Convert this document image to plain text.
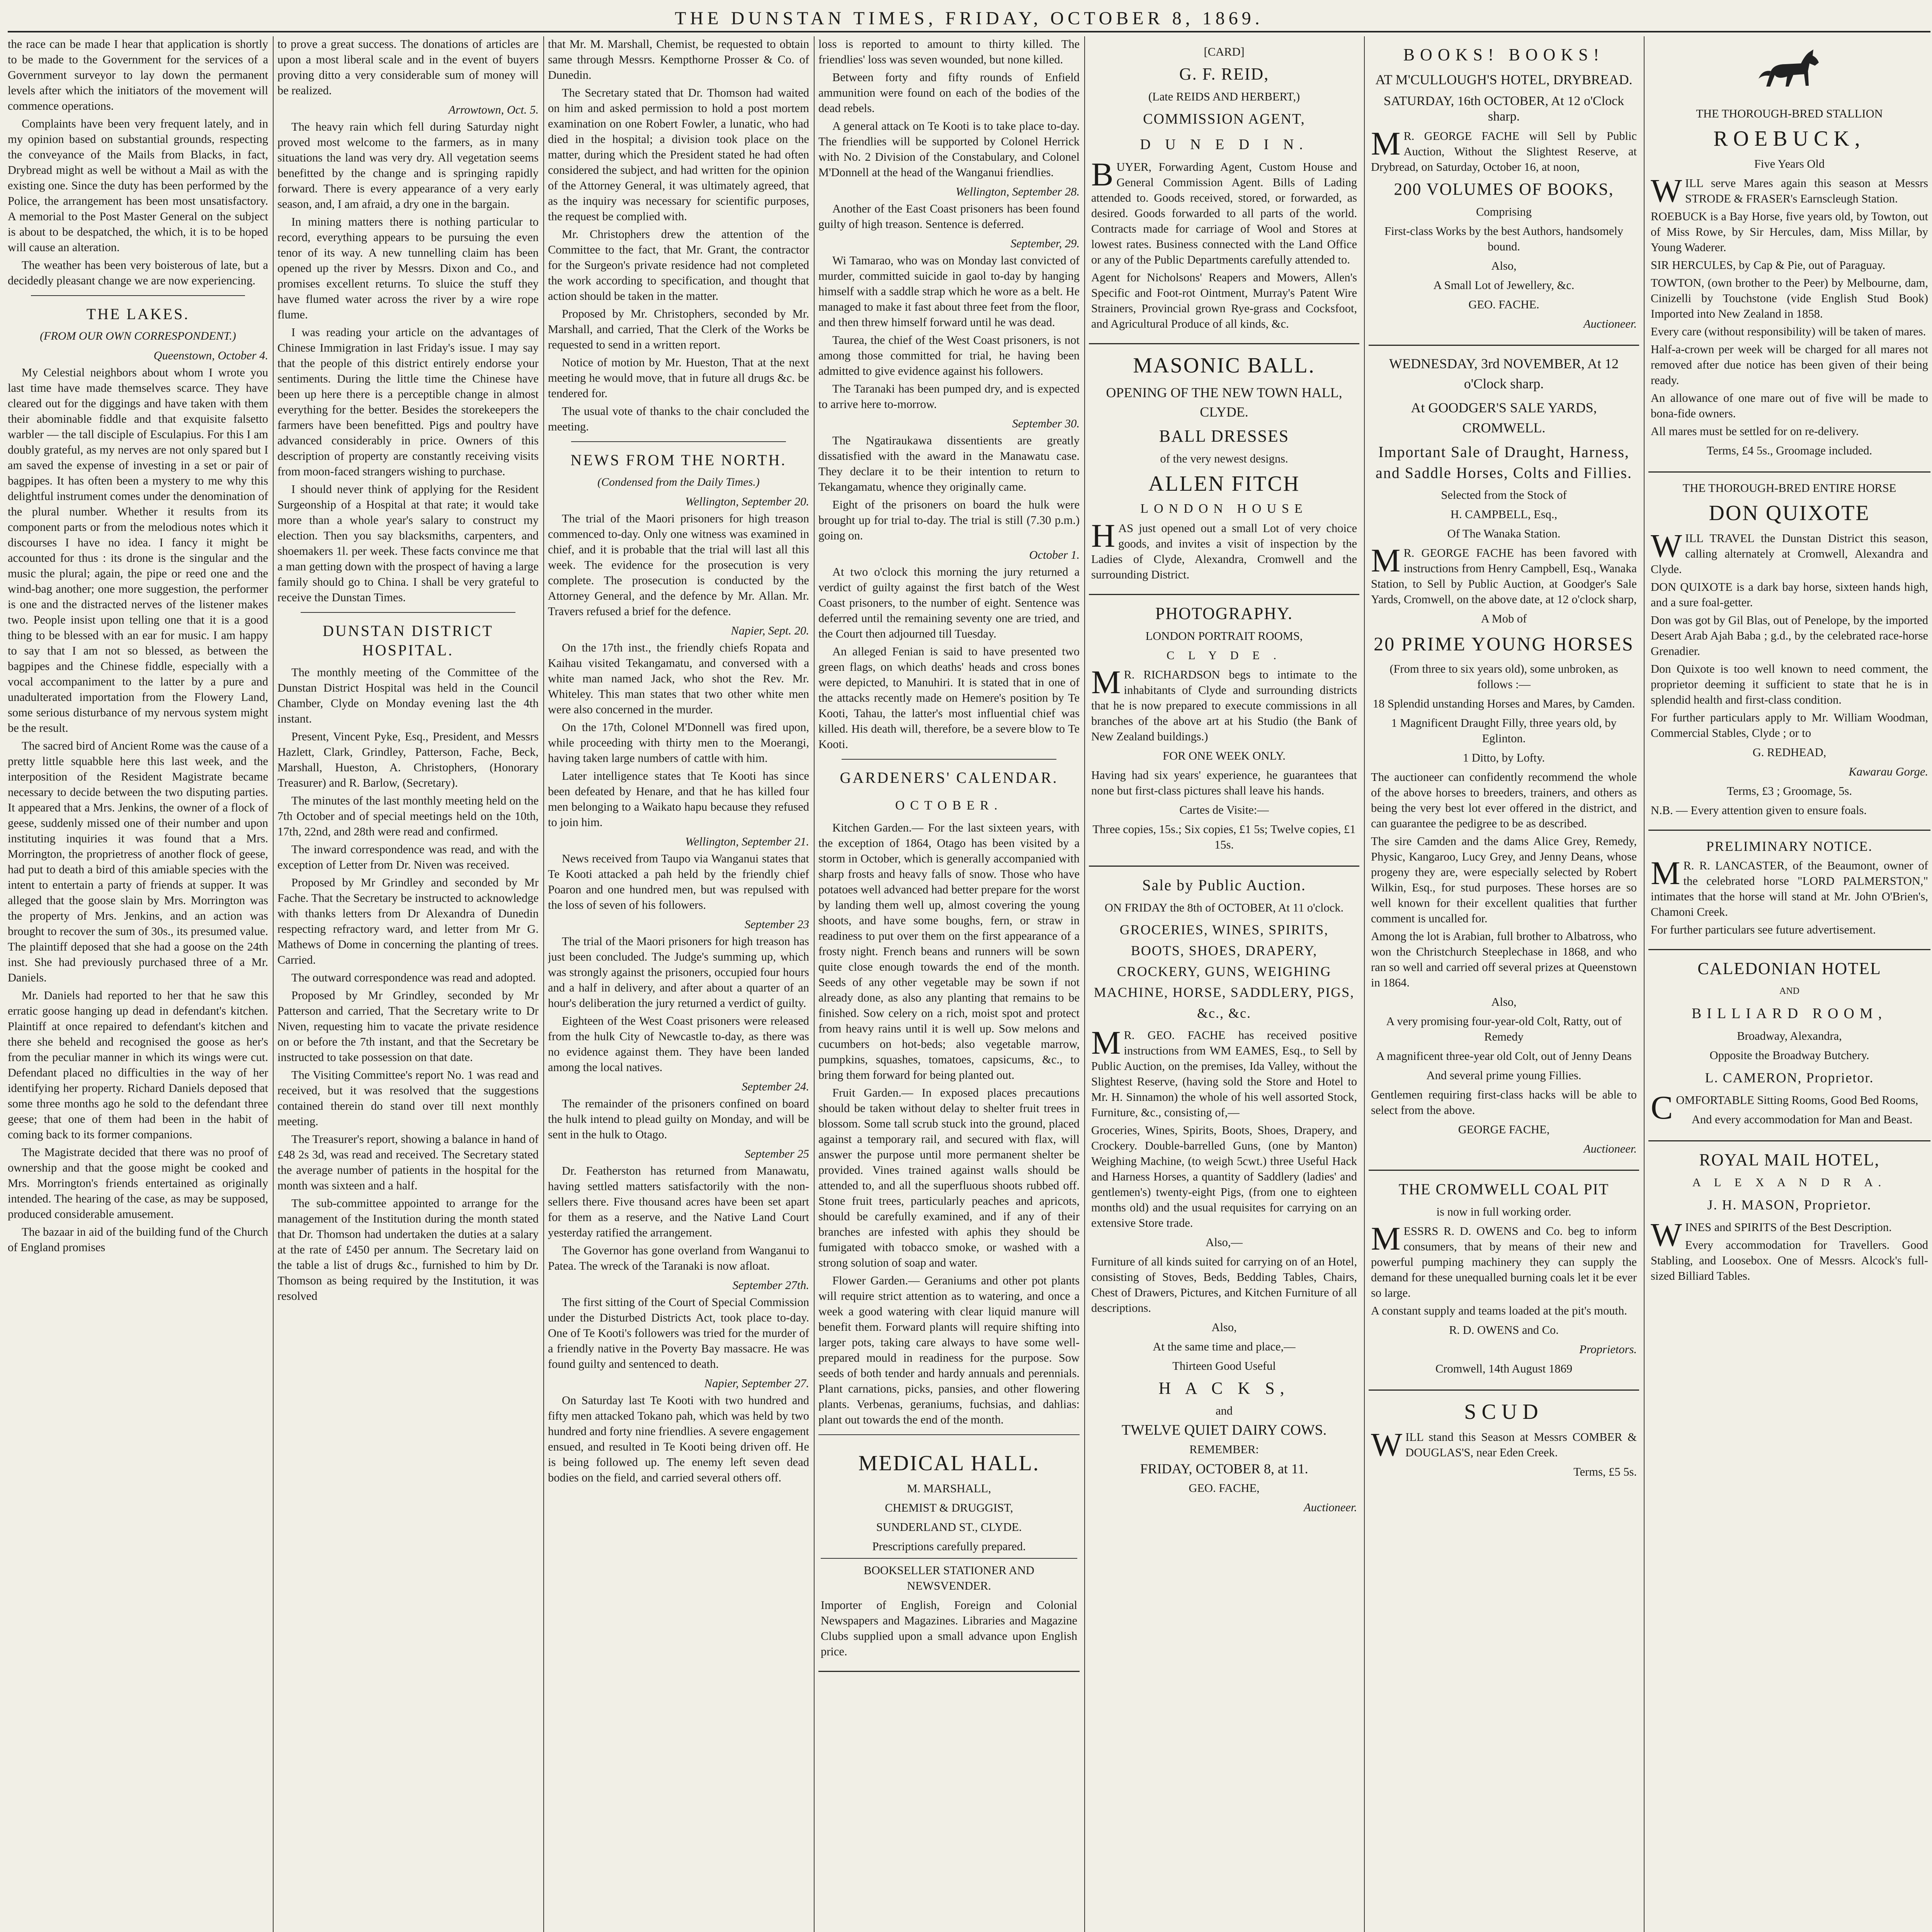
THE DUNSTAN TIMES, FRIDAY, OCTOBER 8, 1869.

the race can be made I hear that application is shortly to be made to the Government for the services of a Government surveyor to lay down the permanent levels after which the initiators of the movement will commence operations.

Complaints have been very frequent lately, and in my opinion based on substantial grounds, respecting the conveyance of the Mails from Blacks, in fact, Drybread might as well be without a Mail as with the existing one. Since the duty has been performed by the Police, the arrangement has been most unsatisfactory. A memorial to the Post Master General on the subject is about to be despatched, the which, it is to be hoped will cause an alteration.

The weather has been very boisterous of late, but a decidedly pleasant change we are now experiencing.

THE LAKES.
(FROM OUR OWN CORRESPONDENT.)
Queenstown, October 4.

My Celestial neighbors about whom I wrote you last time have made themselves scarce. They have cleared out for the diggings and have taken with them their abominable fiddle and that exquisite falsetto warbler — the tall disciple of Esculapius. For this I am doubly grateful, as my nerves are not only spared but I am saved the expense of investing in a set or pair of bagpipes. It has often been a mystery to me why this delightful instrument comes under the denomination of the plural number. Whether it results from its component parts or from the melodious notes which it discourses I have no idea. I fancy it might be accounted for thus : its drone is the singular and the music the plural; again, the pipe or reed one and the wind-bag another; one more suggestion, the performer is one and the distracted nerves of the listener makes two. People insist upon telling one that it is a good thing to be blessed with an ear for music. I am happy to say that I am not so blessed, as between the bagpipes and the Chinese fiddle, especially with a vocal accompaniment to the latter by a pure and unadulterated importation from the Flowery Land, some serious disturbance of my nervous system might be the result.

The sacred bird of Ancient Rome was the cause of a pretty little squabble here this last week, and the interposition of the Resident Magistrate became necessary to decide between the two disputing parties. It appeared that a Mrs. Jenkins, the owner of a flock of geese, suddenly missed one of their number and upon instituting inquiries it was found that a Mrs. Morrington, the proprietress of another flock of geese, had put to death a bird of this amiable species with the intent to entertain a party of friends at supper. It was alleged that the goose slain by Mrs. Morrington was the property of Mrs. Jenkins, and an action was brought to recover the sum of 30s., its presumed value. The plaintiff deposed that she had a goose on the 24th inst. She had previously purchased three of a Mr. Daniels.

Mr. Daniels had reported to her that he saw this erratic goose hanging up dead in defendant's kitchen. Plaintiff at once repaired to defendant's kitchen and there she beheld and recognised the goose as her's from the peculiar manner in which its wings were cut. Defendant placed no difficulties in the way of her identifying her property. Richard Daniels deposed that some three months ago he sold to the defendant three geese; that one of them had been in the habit of coming back to its former companions.

The Magistrate decided that there was no proof of ownership and that the goose might be cooked and Mrs. Morrington's friends entertained as originally intended. The hearing of the case, as may be supposed, produced considerable amusement.

The bazaar in aid of the building fund of the Church of England promises

to prove a great success. The donations of articles are upon a most liberal scale and in the event of buyers proving ditto a very considerable sum of money will be realized.

Arrowtown, Oct. 5.

The heavy rain which fell during Saturday night proved most welcome to the farmers, as in many situations the land was very dry. All vegetation seems benefitted by the change and is springing rapidly forward. There is every appearance of a very early season, and, I am afraid, a dry one in the bargain.

In mining matters there is nothing particular to record, everything appears to be pursuing the even tenor of its way. A new tunnelling claim has been opened up the river by Messrs. Dixon and Co., and promises excellent returns. To sluice the stuff they have flumed water across the river by a wire rope flume.

I was reading your article on the advantages of Chinese Immigration in last Friday's issue. I may say that the people of this district entirely endorse your sentiments. During the little time the Chinese have been up here there is a perceptible change in almost everything for the better. Besides the storekeepers the farmers have been benefitted. Pigs and poultry have advanced considerably in price. Owners of this description of property are constantly receiving visits from moon-faced strangers wishing to purchase.

I should never think of applying for the Resident Surgeonship of a Hospital at that rate; it would take more than a whole year's salary to construct my election. Then you say blacksmiths, carpenters, and shoemakers 1l. per week. These facts convince me that a man getting down with the prospect of having a large family should go to China. I shall be very grateful to receive the Dunstan Times.

DUNSTAN DISTRICT HOSPITAL.

The monthly meeting of the Committee of the Dunstan District Hospital was held in the Council Chamber, Clyde on Monday evening last the 4th instant.

Present, Vincent Pyke, Esq., President, and Messrs Hazlett, Clark, Grindley, Patterson, Fache, Beck, Marshall, Hueston, A. Christophers, (Honorary Treasurer) and R. Barlow, (Secretary).

The minutes of the last monthly meeting held on the 7th October and of special meetings held on the 10th, 17th, 22nd, and 28th were read and confirmed.

The inward correspondence was read, and with the exception of Letter from Dr. Niven was received.

Proposed by Mr Grindley and seconded by Mr Fache. That the Secretary be instructed to acknowledge with thanks letters from Dr Alexandra of Dunedin respecting refractory ward, and letter from Mr G. Mathews of Dome in concerning the planting of trees. Carried.

The outward correspondence was read and adopted.

Proposed by Mr Grindley, seconded by Mr Patterson and carried, That the Secretary write to Dr Niven, requesting him to vacate the private residence on or before the 7th instant, and that the Secretary be instructed to take possession on that date.

The Visiting Committee's report No. 1 was read and received, but it was resolved that the suggestions contained therein do stand over till next monthly meeting.

The Treasurer's report, showing a balance in hand of £48 2s 3d, was read and received. The Secretary stated the average number of patients in the hospital for the month was sixteen and a half.

The sub-committee appointed to arrange for the management of the Institution during the month stated that Dr. Thomson had undertaken the duties at a salary at the rate of £450 per annum. The Secretary laid on the table a list of drugs &c., furnished to him by Dr. Thomson as being required by the Institution, it was resolved

that Mr. M. Marshall, Chemist, be requested to obtain same through Messrs. Kempthorne Prosser & Co. of Dunedin.

The Secretary stated that Dr. Thomson had waited on him and asked permission to hold a post mortem examination on one Robert Fowler, a lunatic, who had died in the hospital; a division took place on the matter, during which the President stated he had often considered the subject, and had written for the opinion of the Attorney General, it was ultimately agreed, that as the inquiry was necessary for scientific purposes, the request be complied with.

Mr. Christophers drew the attention of the Committee to the fact, that Mr. Grant, the contractor for the Surgeon's private residence had not completed the work according to specification, and thought that action should be taken in the matter.

Proposed by Mr. Christophers, seconded by Mr. Marshall, and carried, That the Clerk of the Works be requested to send in a written report.

Notice of motion by Mr. Hueston, That at the next meeting he would move, that in future all drugs &c. be tendered for.

The usual vote of thanks to the chair concluded the meeting.

NEWS FROM THE NORTH.
(Condensed from the Daily Times.)
Wellington, September 20.

The trial of the Maori prisoners for high treason commenced to-day. Only one witness was examined in chief, and it is probable that the trial will last all this week. The evidence for the prosecution is very complete. The prosecution is conducted by the Attorney General, and the defence by Mr. Allan. Mr. Travers refused a brief for the defence.

Napier, Sept. 20.

On the 17th inst., the friendly chiefs Ropata and Kaihau visited Tekangamatu, and conversed with a white man named Jack, who shot the Rev. Mr. Whiteley. This man states that two other white men were also concerned in the murder.

On the 17th, Colonel M'Donnell was fired upon, while proceeding with thirty men to the Moerangi, having taken large numbers of cattle with him.

Later intelligence states that Te Kooti has since been defeated by Henare, and that he has killed four men belonging to a Waikato hapu because they refused to join him.

Wellington, September 21.

News received from Taupo via Wanganui states that Te Kooti attacked a pah held by the friendly chief Poaron and one hundred men, but was repulsed with the loss of seven of his followers.

September 23

The trial of the Maori prisoners for high treason has just been concluded. The Judge's summing up, which was strongly against the prisoners, occupied four hours and a half in delivery, and after about a quarter of an hour's deliberation the jury returned a verdict of guilty.

Eighteen of the West Coast prisoners were released from the hulk City of Newcastle to-day, as there was no evidence against them. They have been landed among the local natives.

September 24.

The remainder of the prisoners confined on board the hulk intend to plead guilty on Monday, and will be sent in the hulk to Otago.

September 25

Dr. Featherston has returned from Manawatu, having settled matters satisfactorily with the non-sellers there. Five thousand acres have been set apart for them as a reserve, and the Native Land Court yesterday ratified the arrangement.

The Governor has gone overland from Wanganui to Patea. The wreck of the Taranaki is now afloat.

September 27th.

The first sitting of the Court of Special Commission under the Disturbed Districts Act, took place to-day. One of Te Kooti's followers was tried for the murder of a friendly native in the Poverty Bay massacre. He was found guilty and sentenced to death.

Napier, September 27.

On Saturday last Te Kooti with two hundred and fifty men attacked Tokano pah, which was held by two hundred and forty nine friendlies. A severe engagement ensued, and resulted in Te Kooti being driven off. He is being followed up. The enemy left seven dead bodies on the field, and carried several others off.

loss is reported to amount to thirty killed. The friendlies' loss was seven wounded, but none killed.

Between forty and fifty rounds of Enfield ammunition were found on each of the bodies of the dead rebels.

A general attack on Te Kooti is to take place to-day. The friendlies will be supported by Colonel Herrick with No. 2 Division of the Constabulary, and Colonel M'Donnell at the head of the Wanganui friendlies.

Wellington, September 28.

Another of the East Coast prisoners has been found guilty of high treason. Sentence is deferred.

September, 29.

Wi Tamarao, who was on Monday last convicted of murder, committed suicide in gaol to-day by hanging himself with a saddle strap which he wore as a belt. He managed to make it fast about three feet from the floor, and then threw himself forward until he was dead.

Taurea, the chief of the West Coast prisoners, is not among those committed for trial, he having been admitted to give evidence against his followers.

The Taranaki has been pumped dry, and is expected to arrive here to-morrow.

September 30.

The Ngatiraukawa dissentients are greatly dissatisfied with the award in the Manawatu case. They declare it to be their intention to return to Tekangamatu, whence they originally came.

Eight of the prisoners on board the hulk were brought up for trial to-day. The trial is still (7.30 p.m.) going on.

October 1.

At two o'clock this morning the jury returned a verdict of guilty against the first batch of the West Coast prisoners, to the number of eight. Sentence was deferred until the remaining seventy one are tried, and the Court then adjourned till Tuesday.

An alleged Fenian is said to have presented two green flags, on which deaths' heads and cross bones were depicted, to Manuhiri. It is stated that in one of the attacks recently made on Hemere's position by Te Kooti, Tahau, the latter's most influential chief was killed. His death will, therefore, be a severe blow to Te Kooti.

GARDENERS' CALENDAR.
OCTOBER.

Kitchen Garden.— For the last sixteen years, with the exception of 1864, Otago has been visited by a storm in October, which is generally accompanied with sharp frosts and heavy falls of snow. Those who have potatoes well advanced had better prepare for the worst by landing them well up, almost covering the young shoots, and have some boughs, fern, or straw in readiness to put over them on the first appearance of a frosty night. French beans and runners will be sown quite close enough towards the end of the month. Seeds of any other vegetable may be sown if not already done, as also any planting that remains to be finished. Sow celery on a rich, moist spot and protect from heavy rains until it is well up. Sow melons and cucumbers on hot-beds; also vegetable marrow, pumpkins, squashes, tomatoes, capsicums, &c., to bring them forward for being planted out.

Fruit Garden.— In exposed places precautions should be taken without delay to shelter fruit trees in blossom. Some tall scrub stuck into the ground, placed against a temporary rail, and secured with flax, will answer the purpose until more permanent shelter be provided. Vines trained against walls should be attended to, and all the superfluous shoots rubbed off. Stone fruit trees, particularly peaches and apricots, should be carefully examined, and if any of their branches are infested with aphis they should be fumigated with tobacco smoke, or washed with a strong solution of soap and water.

Flower Garden.— Geraniums and other pot plants will require strict attention as to watering, and once a week a good watering with clear liquid manure will benefit them. Forward plants will require shifting into larger pots, taking care always to have some well-prepared mould in readiness for the purpose. Sow seeds of both tender and hardy annuals and perennials. Plant carnations, picks, pansies, and other flowering plants. Verbenas, geraniums, fuchsias, and dahlias: plant out towards the end of the month.

MEDICAL HALL.
M. MARSHALL,
CHEMIST & DRUGGIST,
SUNDERLAND ST., CLYDE.
Prescriptions carefully prepared.
BOOKSELLER STATIONER AND NEWSVENDER.

Importer of English, Foreign and Colonial Newspapers and Magazines. Libraries and Magazine Clubs supplied upon a small advance upon English price.

[CARD]
G. F. REID,
(Late REIDS AND HERBERT,)
COMMISSION AGENT,
D U N E D I N.

BUYER, Forwarding Agent, Custom House and General Commission Agent. Bills of Lading attended to. Goods received, stored, or forwarded, as desired. Goods forwarded to all parts of the world. Contracts made for carriage of Wool and Stores at lowest rates. Business connected with the Land Office or any of the Public Departments carefully attended to.

Agent for Nicholsons' Reapers and Mowers, Allen's Specific and Foot-rot Ointment, Murray's Patent Wire Strainers, Provincial grown Rye-grass and Cocksfoot, and Agricultural Produce of all kinds, &c.

MASONIC BALL.
OPENING OF THE NEW TOWN HALL, CLYDE.
BALL DRESSES
of the very newest designs.
ALLEN FITCH
LONDON HOUSE

HAS just opened out a small Lot of very choice goods, and invites a visit of inspection by the Ladies of Clyde, Alexandra, Cromwell and the surrounding District.

PHOTOGRAPHY.
LONDON PORTRAIT ROOMS,
C L Y D E .

MR. RICHARDSON begs to intimate to the inhabitants of Clyde and surrounding districts that he is now prepared to execute commissions in all branches of the above art at his Studio (the Bank of New Zealand buildings.)

FOR ONE WEEK ONLY.

Having had six years' experience, he guarantees that none but first-class pictures shall leave his hands.

Cartes de Visite:—
Three copies, 15s.; Six copies, £1 5s; Twelve copies, £1 15s.
Sale by Public Auction.
ON FRIDAY the 8th of OCTOBER, At 11 o'clock.
GROCERIES, WINES, SPIRITS, BOOTS, SHOES, DRAPERY, CROCKERY, GUNS, WEIGHING MACHINE, HORSE, SADDLERY, PIGS, &c., &c.

MR. GEO. FACHE has received positive instructions from WM EAMES, Esq., to Sell by Public Auction, on the premises, Ida Valley, without the Slightest Reserve, (having sold the Store and Hotel to Mr. H. Sinnamon) the whole of his well assorted Stock, Furniture, &c., consisting of,—

Groceries, Wines, Spirits, Boots, Shoes, Drapery, and Crockery. Double-barrelled Guns, (one by Manton) Weighing Machine, (to weigh 5cwt.) three Useful Hack and Harness Horses, a quantity of Saddlery (ladies' and gentlemen's) twenty-eight Pigs, (from one to eighteen months old) and the usual requisites for carrying on an extensive Store trade.

Also,—

Furniture of all kinds suited for carrying on of an Hotel, consisting of Stoves, Beds, Bedding Tables, Chairs, Chest of Drawers, Pictures, and Kitchen Furniture of all descriptions.

Also,
At the same time and place,—
Thirteen Good Useful
H A C K S,
and
TWELVE QUIET DAIRY COWS.
REMEMBER:
FRIDAY, OCTOBER 8, at 11.
GEO. FACHE,
Auctioneer.
BOOKS! BOOKS!
AT M'CULLOUGH'S HOTEL, DRYBREAD.
SATURDAY, 16th OCTOBER, At 12 o'Clock sharp.

MR. GEORGE FACHE will Sell by Public Auction, Without the Slightest Reserve, at Drybread, on Saturday, October 16, at noon,

200 VOLUMES OF BOOKS,
Comprising
First-class Works by the best Authors, handsomely bound.
Also,
A Small Lot of Jewellery, &c.
GEO. FACHE.
Auctioneer.
WEDNESDAY, 3rd NOVEMBER, At 12 o'Clock sharp.
At GOODGER'S SALE YARDS, CROMWELL.
Important Sale of Draught, Harness, and Saddle Horses, Colts and Fillies.
Selected from the Stock of
H. CAMPBELL, Esq.,
Of The Wanaka Station.

MR. GEORGE FACHE has been favored with instructions from Henry Campbell, Esq., Wanaka Station, to Sell by Public Auction, at Goodger's Sale Yards, Cromwell, on the above date, at 12 o'clock sharp,

A Mob of
20 PRIME YOUNG HORSES
(From three to six years old), some unbroken, as follows :—
18 Splendid unstanding Horses and Mares, by Camden.
1 Magnificent Draught Filly, three years old, by Eglinton.
1 Ditto, by Lofty.

The auctioneer can confidently recommend the whole of the above horses to breeders, trainers, and others as being the very best lot ever offered in the district, and can guarantee the pedigree to be as described.

The sire Camden and the dams Alice Grey, Remedy, Physic, Kangaroo, Lucy Grey, and Jenny Deans, whose progeny they are, were especially selected by Robert Wilkin, Esq., for stud purposes. These horses are so well known for their excellent qualities that further comment is uncalled for.

Among the lot is Arabian, full brother to Albatross, who won the Christchurch Steeplechase in 1868, and who ran so well and carried off several prizes at Queenstown in 1864.

Also,
A very promising four-year-old Colt, Ratty, out of Remedy
A magnificent three-year old Colt, out of Jenny Deans
And several prime young Fillies.

Gentlemen requiring first-class hacks will be able to select from the above.

GEORGE FACHE,
Auctioneer.
THE CROMWELL COAL PIT
is now in full working order.

MESSRS R. D. OWENS and Co. beg to inform consumers, that by means of their new and powerful pumping machinery they can supply the demand for these unequalled burning coals let it be ever so large.

A constant supply and teams loaded at the pit's mouth.

R. D. OWENS and Co.
Proprietors.
Cromwell, 14th August 1869
SCUD

WILL stand this Season at Messrs COMBER & DOUGLAS'S, near Eden Creek.

Terms, £5 5s.
THE THOROUGH-BRED STALLION
ROEBUCK,
Five Years Old

WILL serve Mares again this season at Messrs STRODE & FRASER's Earnscleugh Station.

ROEBUCK is a Bay Horse, five years old, by Towton, out of Miss Rowe, by Sir Hercules, dam, Miss Millar, by Young Waderer.

SIR HERCULES, by Cap & Pie, out of Paraguay.

TOWTON, (own brother to the Peer) by Melbourne, dam, Cinizelli by Touchstone (vide English Stud Book) Imported into New Zealand in 1858.

Every care (without responsibility) will be taken of mares.

Half-a-crown per week will be charged for all mares not removed after due notice has been given of their being ready.

An allowance of one mare out of five will be made to bona-fide owners.

All mares must be settled for on re-delivery.

Terms, £4 5s., Groomage included.
THE THOROUGH-BRED ENTIRE HORSE
DON QUIXOTE

WILL TRAVEL the Dunstan District this season, calling alternately at Cromwell, Alexandra and Clyde.

DON QUIXOTE is a dark bay horse, sixteen hands high, and a sure foal-getter.

Don was got by Gil Blas, out of Penelope, by the imported Desert Arab Ajah Baba ; g.d., by the celebrated race-horse Grenadier.

Don Quixote is too well known to need comment, the proprietor deeming it sufficient to state that he is in splendid health and first-class condition.

For further particulars apply to Mr. William Woodman, Commercial Stables, Clyde ; or to

G. REDHEAD,
Kawarau Gorge.
Terms, £3 ; Groomage, 5s.

N.B. — Every attention given to ensure foals.

PRELIMINARY NOTICE.

MR. R. LANCASTER, of the Beaumont, owner of the celebrated horse "LORD PALMERSTON," intimates that the horse will stand at Mr. John O'Brien's, Chamoni Creek.

For further particulars see future advertisement.

CALEDONIAN HOTEL
AND
BILLIARD ROOM,
Broadway, Alexandra,
Opposite the Broadway Butchery.
L. CAMERON, Proprietor.

COMFORTABLE Sitting Rooms, Good Bed Rooms,

And every accommodation for Man and Beast.
ROYAL MAIL HOTEL,
A L E X A N D R A.
J. H. MASON, Proprietor.

WINES and SPIRITS of the Best Description.

Every accommodation for Travellers. Good Stabling, and Loosebox. One of Messrs. Alcock's full-sized Billiard Tables.
